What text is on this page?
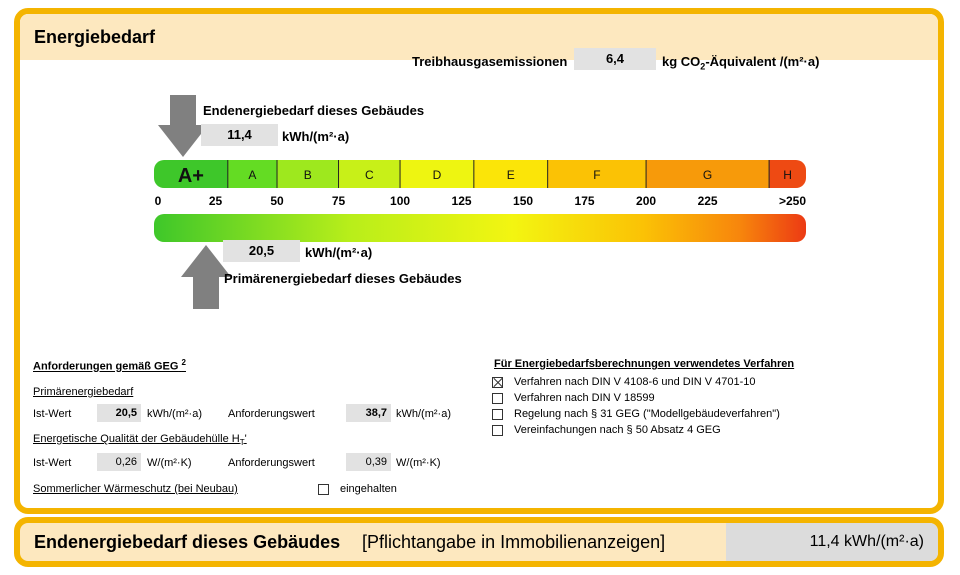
Energiebedarf
Treibhausgasemissionen	6,4	kg $CO_2$-Äquivalent /(m²·a)
Endenergiebedarf dieses Gebäudes
11,4	kWh/(m²·a)
A+	A	B	C	D	E	F	G	H
0	25	50	75	100	125	150	175	200	225	>250
20,5	kWh/(m²·a)
Primärenergiebedarf dieses Gebäudes
Anforderungen gemäß GEG $^2$
Primärenergiebedarf
Ist-Wert	20,5 kWh/(m²·a) Anforderungswert	38,7 kWh/(m²·a)
Energetische Qualität der Gebäudehülle $H_T'$
Ist-Wert	0,26 W/(m²·K)	Anforderungswert	0,39 W/(m²·K)
Sommerlicher Wärmeschutz (bei Neubau)	eingehalten
Für Energiebedarfsberechnungen verwendetes Verfahren
Verfahren nach DIN V 4108-6 und DIN V 4701-10
Verfahren nach DIN V 18599
Regelung nach § 31 GEG ("Modellgebäudeverfahren")
Vereinfachungen nach § 50 Absatz 4 GEG
Endenergiebedarf dieses Gebäudes [Pflichtangabe in Immobilienanzeigen]	11,4 kWh/(m²·a)
